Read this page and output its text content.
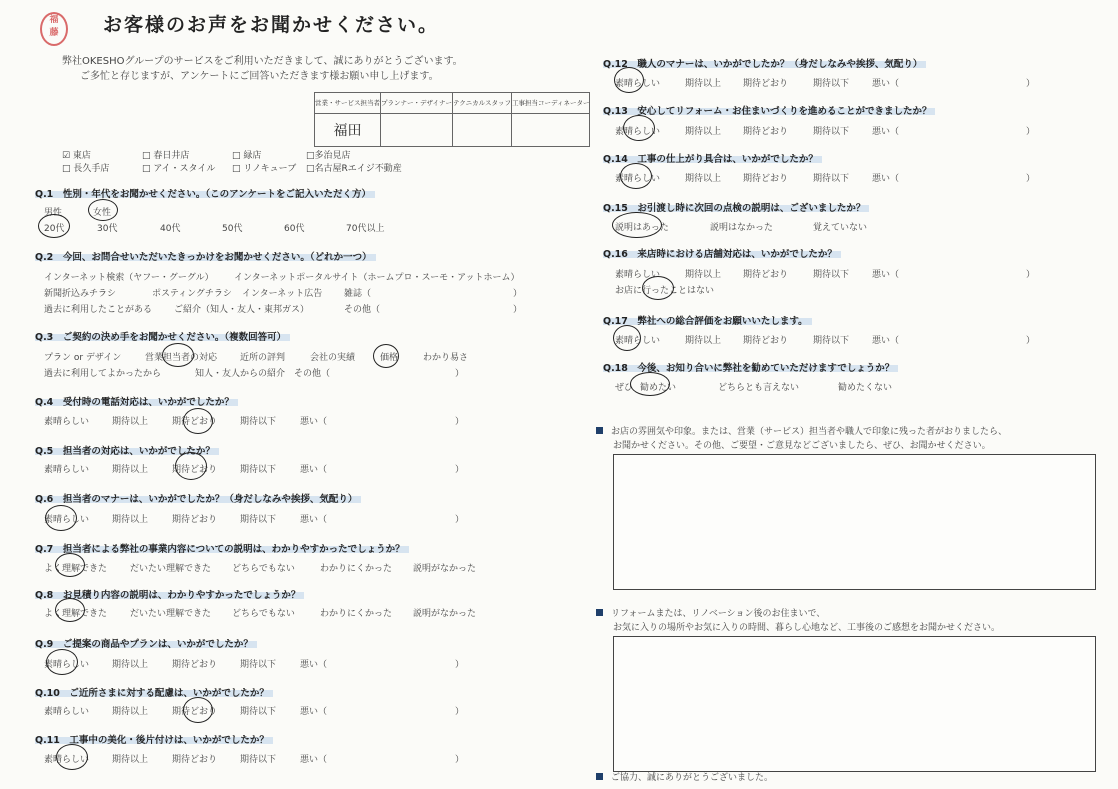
福
藤	お客様のお声をお聞かせください。
弊社OKESHOグループのサービスをご利用いただきまして、誠にありがとうございます。
ご多忙と存じますが、アンケートにご回答いただきます様お願い申し上げます。
営業・サービス担当者	プランナー・デザイナー	テクニカルスタッフ	工事担当コーディネーター
福田			
☑ 東店	□ 春日井店	□ 緑店	□多治見店
□ 長久手店	□ アイ・スタイル □ リノキューブ □名古屋Rエイジ不動産
Q.1　 性別・年代をお聞かせください。（このアンケートをご記入いただく方）
男性	女性
20代	30代	40代	50代	60代	70代以上
Q.2　 今回、お問合せいただいたきっかけをお聞かせください。（どれか一つ）
インターネット検索（ヤフー・グーグル） インターネットポータルサイト（ホームプロ・スーモ・アットホーム）
新聞折込みチラシ	ポスティングチラシ インターネット広告 雑誌（	）
過去に利用したことがある ご紹介（知人・友人・東邦ガス）	その他（	）
Q.3　 ご契約の決め手をお聞かせください。（複数回答可）
プラン or デザイン	営業担当者の対応	近所の評判	会社の実績	価格	わかり易さ
過去に利用してよかったから	知人・友人からの紹介 その他（	）
Q.4　 受付時の電話対応は、いかがでしたか？
素晴らしい	期待以上	期待どおり	期待以下	悪い（	）
Q.5　 担当者の対応は、いかがでしたか？
素晴らしい	期待以上	期待どおり	期待以下	悪い（	）
Q.6　 担当者のマナーは、いかがでしたか？（身だしなみや挨拶、気配り）
素晴らしい	期待以上	期待どおり	期待以下	悪い（	）
Q.7　 担当者による弊社の事業内容についての説明は、わかりやすかったでしょうか？
よく理解できた	だいたい理解できた どちらでもない	わかりにくかった 説明がなかった
Q.8　 お見積り内容の説明は、わかりやすかったでしょうか？
よく理解できた	だいたい理解できた どちらでもない	わかりにくかった 説明がなかった
Q.9　 ご提案の商品やプランは、いかがでしたか？
素晴らしい	期待以上	期待どおり	期待以下	悪い（	）
Q.10　 ご近所さまに対する配慮は、いかがでしたか？
素晴らしい	期待以上	期待どおり	期待以下	悪い（	）
Q.11　 工事中の美化・後片付けは、いかがでしたか？
素晴らしい	期待以上	期待どおり	期待以下	悪い（	）
Q.12　 職人のマナーは、いかがでしたか？（身だしなみや挨拶、気配り）
素晴らしい	期待以上 期待どおり	期待以下	悪い（	）
Q.13　 安心してリフォーム・お住まいづくりを進めることができましたか？
素晴らしい	期待以上 期待どおり	期待以下	悪い（	）
Q.14　 工事の仕上がり具合は、いかがでしたか？
素晴らしい	期待以上 期待どおり	期待以下	悪い（	）
Q.15　 お引渡し時に次回の点検の説明は、ございましたか？
説明はあった	説明はなかった	覚えていない
Q.16　 来店時における店舗対応は、いかがでしたか？
素晴らしい	期待以上 期待どおり	期待以下	悪い（	）
お店に行ったことはない
Q.17　 弊社への総合評価をお願いいたします。
素晴らしい	期待以上 期待どおり	期待以下	悪い（	）
Q.18　 今後、お知り合いに弊社を勧めていただけますでしょうか？
ぜひ 勧めたい	どちらとも言えない	勧めたくない
お店の雰囲気や印象。または、営業（サービス）担当者や職人で印象に残った者がおりましたら、
お聞かせください。その他、ご要望・ご意見などございましたら、ぜひ、お聞かせください。
リフォームまたは、リノベーション後のお住まいで、
お気に入りの場所やお気に入りの時間、暮らし心地など、工事後のご感想をお聞かせください。
ご協力、誠にありがとうございました。
